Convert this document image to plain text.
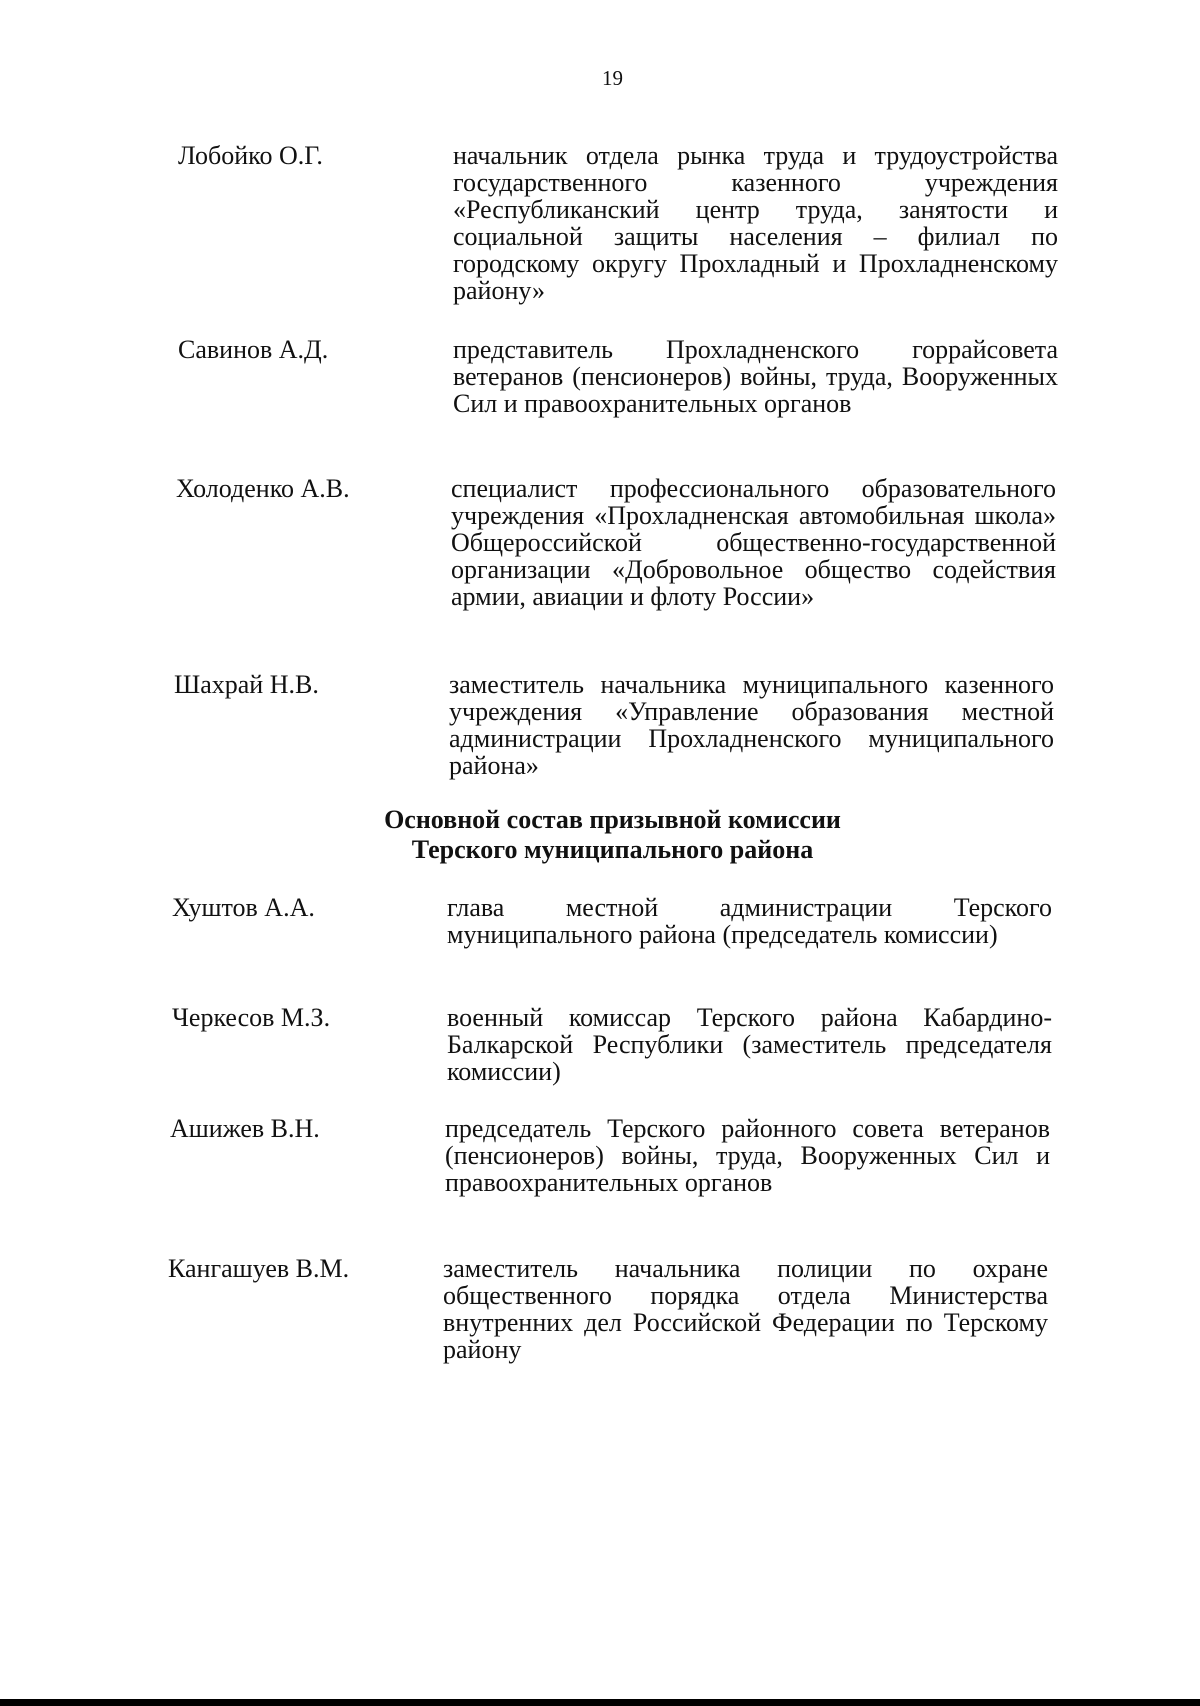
19
Лобойко О.Г.	начальник отдела рынка труда и трудоустройства государственного казенного учреждения «Республиканский центр труда, занятости и социальной защиты населения – филиал по городскому округу Прохладный и Прохладненскому району»
Савинов А.Д.	представитель Прохладненского горрайсовета ветеранов (пенсионеров) войны, труда, Вооруженных Сил и правоохранительных органов
Холоденко А.В.	специалист профессионального образовательного учреждения «Прохладненская автомобильная школа» Общероссийской общественно-государственной организации «Добровольное общество содействия армии, авиации и флоту России»
Шахрай Н.В.	заместитель начальника муниципального казенного учреждения «Управление образования местной администрации Прохладненского муниципального района»
Основной состав призывной комиссии
Терского муниципального района
Хуштов А.А.	глава местной администрации Терского муниципального района (председатель комиссии)
Черкесов М.З.	военный комиссар Терского района Кабардино-Балкарской Республики (заместитель председателя комиссии)
Ашижев В.Н.	председатель Терского районного совета ветеранов (пенсионеров) войны, труда, Вооруженных Сил и правоохранительных органов
Кангашуев В.М.	заместитель начальника полиции по охране общественного порядка отдела Министерства внутренних дел Российской Федерации по Терскому району
